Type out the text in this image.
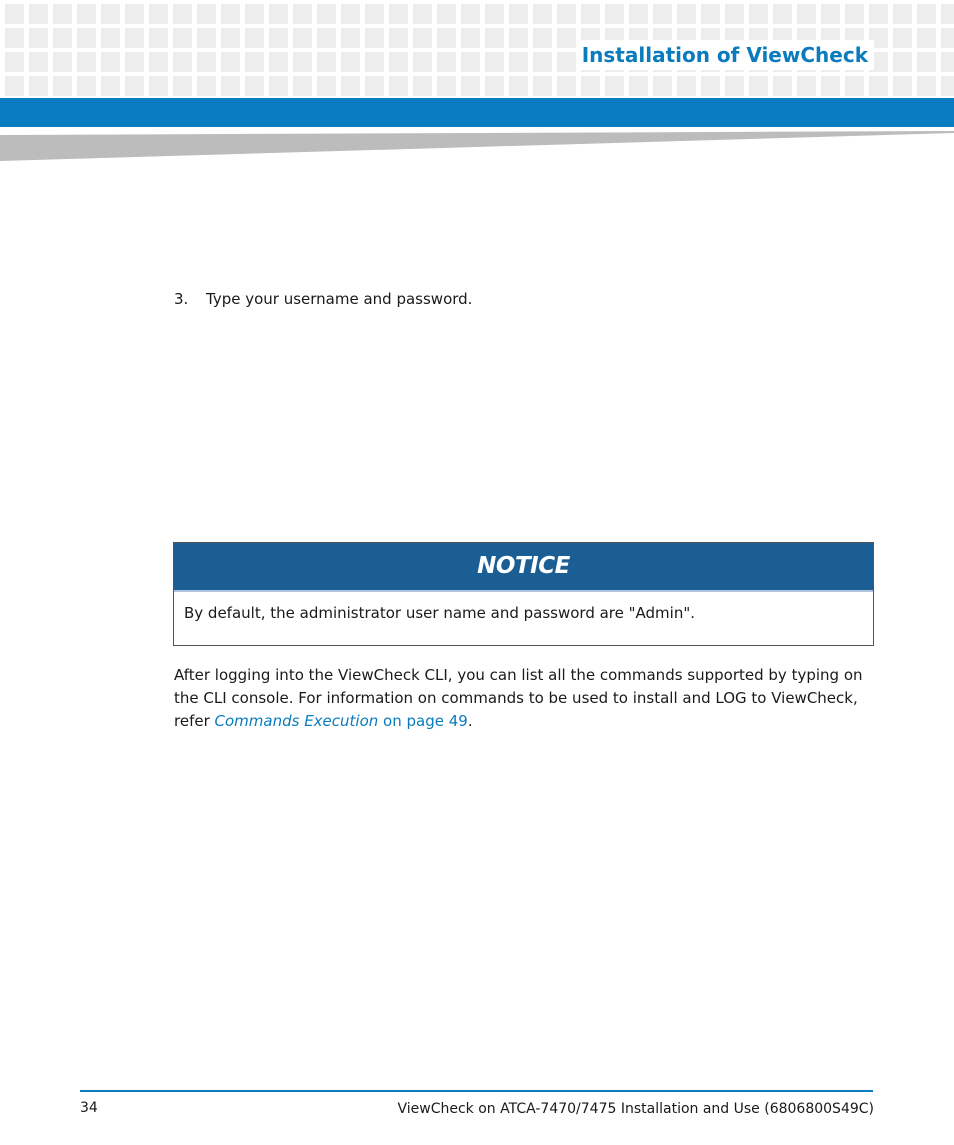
Installation of ViewCheck
3. Type your username and password.
NOTICE
By default, the administrator user name and password are "Admin".
After logging into the ViewCheck CLI, you can list all the commands supported by typing on the CLI console. For information on commands to be used to install and LOG to ViewCheck, refer Commands Execution on page 49.
34	ViewCheck on ATCA-7470/7475 Installation and Use (6806800S49C)
